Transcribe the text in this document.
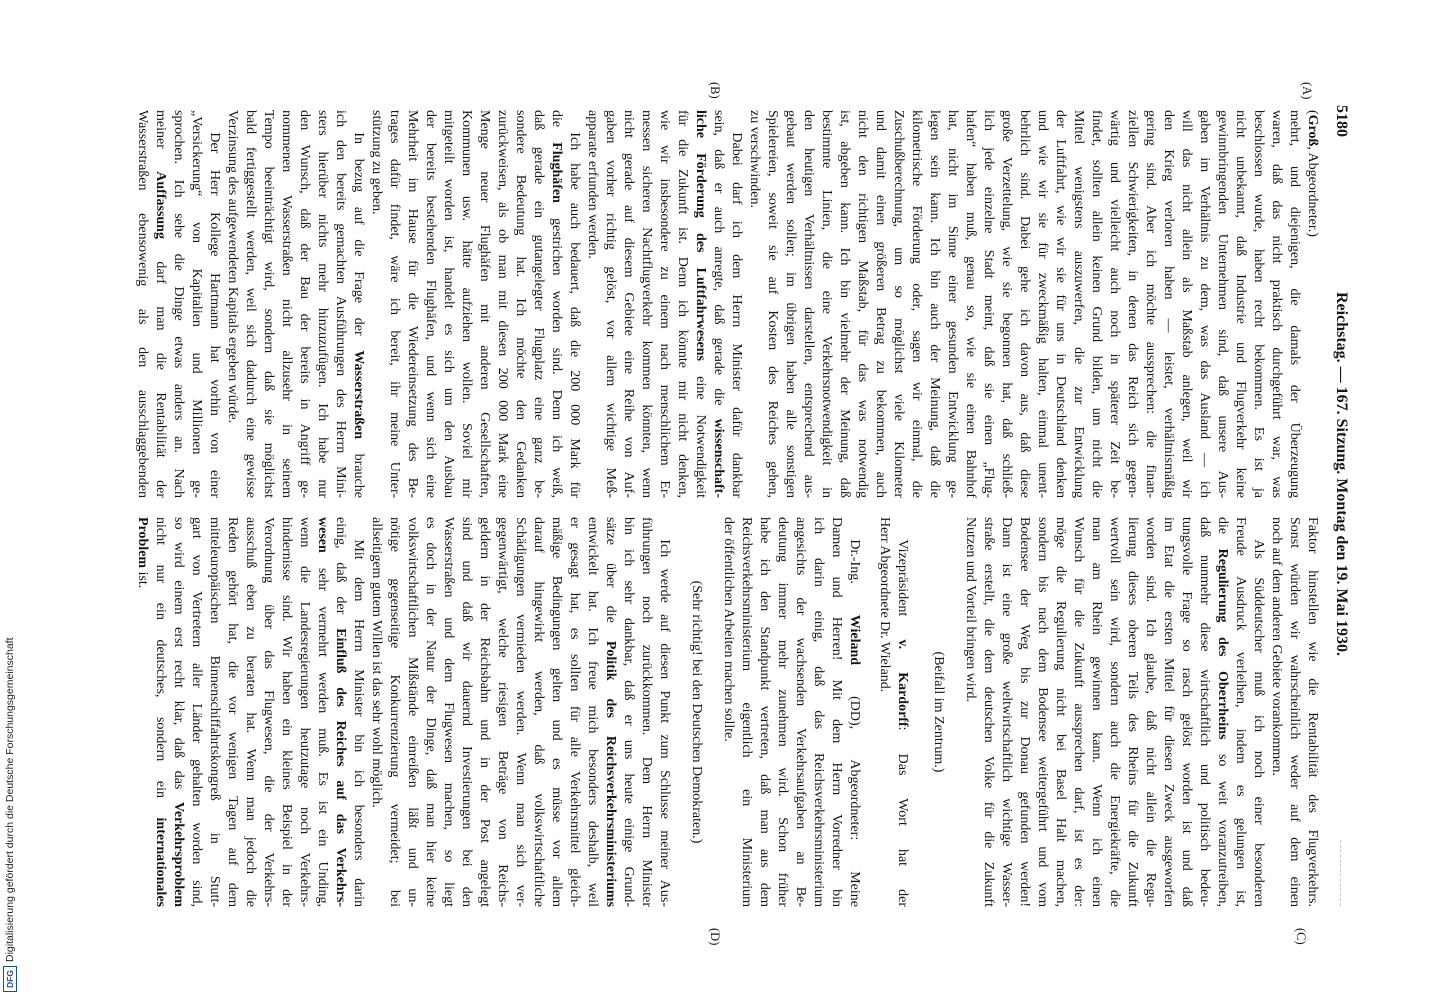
5180
Reichstag. — 167. Sitzung. Montag den 19. Mai 1930.
(A)
(B)
(C)
(D)
(Groß, Abgeordneter.)
mehrt, und diejenigen, die damals der Überzeugung
waren, daß das nicht praktisch durchgeführt war, was
beschlossen wurde, haben recht bekommen. Es ist ja
nicht unbekannt, daß Industrie und Flugverkehr keine
gewinnbringenden Unternehmen sind, daß unsere Aus-
gaben im Verhältnis zu dem, was das Ausland — ich
will das nicht allein als Maßstab anlegen, weil wir
den Krieg verloren haben — leistet, verhältnismäßig
gering sind. Aber ich möchte aussprechen: die finan-
ziellen Schwierigkeiten, in denen das Reich sich gegen-
wärtig und vielleicht auch noch in späterer Zeit be-
findet, sollten allein keinen Grund bilden, um nicht die
Mittel wenigstens auszuwerfen, die zur Entwicklung
der Luftfahrt, wie wir sie für uns in Deutschland denken
und wie wir sie für zweckmäßig halten, einmal unent-
behrlich sind. Dabei gehe ich davon aus, daß diese
große Verzettelung, wie sie begonnen hat, daß schließ-
lich jede einzelne Stadt meint, daß sie einen „Flug-
hafen“ haben muß, genau so, wie sie einen Bahnhof
hat, nicht im Sinne einer gesunden Entwicklung ge-
legen sein kann. Ich bin auch der Meinung, daß die
kilometrische Förderung oder, sagen wir einmal, die
Zuschußberechnung, um so möglichst viele Kilometer
und damit einen größeren Betrag zu bekommen, auch
nicht den richtigen Maßstab, für das was notwendig
ist, abgeben kann. Ich bin vielmehr der Meinung, daß
bestimmte Linien, die eine Verkehrsnotwendigkeit in
den heutigen Verhältnissen darstellen, entsprechend aus-
gebaut werden sollen; im übrigen haben alle sonstigen
Spielereien, soweit sie auf Kosten des Reiches gehen,
zu verschwinden.
Dabei darf ich dem Herrn Minister dafür dankbar
sein, daß er auch anregte, daß gerade die wissenschaft-
liche Förderung des Luftfahrwesens eine Notwendigkeit
für die Zukunft ist. Denn ich könnte mir nicht denken,
wie wir insbesondere zu einem nach menschlichem Er-
messen sicheren Nachtflugverkehr kommen könnten, wenn
nicht gerade auf diesem Gebiete eine Reihe von Auf-
gaben vorher richtig gelöst, vor allem wichtige Meß-
apparate erfunden werden.
Ich habe auch bedauert, daß die 200 000 Mark für
die Flughäfen gestrichen worden sind. Denn ich weiß,
daß gerade ein gutangelegter Flugplatz eine ganz be-
sondere Bedeutung hat. Ich möchte den Gedanken
zurückweisen, als ob man mit diesen 200 000 Mark eine
Menge neuer Flughäfen mit anderen Gesellschaften,
Kommunen usw. hätte aufziehen wollen. Soviel mir
mitgeteilt worden ist, handelt es sich um den Ausbau
der bereits bestehenden Flughäfen, und wenn sich eine
Mehrheit im Hause für die Wiedereinsetzung des Be-
trages dafür findet, wäre ich bereit, ihr meine Unter-
stützung zu geben.
In bezug auf die Frage der Wasserstraßen brauche
ich den bereits gemachten Ausführungen des Herrn Mini-
sters hierüber nichts mehr hinzuzufügen. Ich habe nur
den Wunsch, daß der Bau der bereits in Angriff ge-
nommenen Wasserstraßen nicht allzusehr in seinem
Tempo beeinträchtigt wird, sondern daß sie möglichst
bald fertiggestellt werden, weil sich dadurch eine gewisse
Verzinsung des aufgewendeten Kapitals ergeben würde.
Der Herr Kollege Hartmann hat vorhin von einer
„Versickerung“ von Kapitalien und Millionen ge-
sprochen. Ich sehe die Dinge etwas anders an. Nach
meiner Auffassung darf man die Rentabilität der
Wasserstraßen ebensowenig als den ausschlaggebenden
Faktor hinstellen wie die Rentabilität des Flugverkehrs.
Sonst würden wir wahrscheinlich weder auf dem einen
noch auf dem anderen Gebiete vorankommen.
Als Süddeutscher muß ich noch einer besonderen
Freude Ausdruck verleihen, indem es gelungen ist,
die Regulierung des Oberrheins so weit voranzutreiben,
daß nunmehr diese wirtschaftlich und politisch bedeu-
tungsvolle Frage so rasch gelöst worden ist und daß
im Etat die ersten Mittel für diesen Zweck ausgeworfen
worden sind. Ich glaube, daß nicht allein die Regu-
lierung dieses oberen Teils des Rheins für die Zukunft
wertvoll sein wird, sondern auch die Energiekräfte, die
man am Rhein gewinnen kann. Wenn ich einen
Wunsch für die Zukunft aussprechen darf, ist es der:
möge die Regulierung nicht bei Basel Halt machen,
sondern bis nach dem Bodensee weitergeführt und vom
Bodensee der Weg bis zur Donau gefunden werden!
Dann ist eine große weltwirtschaftlich wichtige Wasser-
straße erstellt, die dem deutschen Volke für die Zukunft
Nutzen und Vorteil bringen wird.
(Beifall im Zentrum.)
Vizepräsident v. Kardorff: Das Wort hat der
Herr Abgeordnete Dr. Wieland.
Dr.-Ing. Wieland (DD), Abgeordneter: Meine
Damen und Herren! Mit dem Herrn Vorredner bin
ich darin einig, daß das Reichsverkehrsministerium
angesichts der wachsenden Verkehrsaufgaben an Be-
deutung immer mehr zunehmen wird. Schon früher
habe ich den Standpunkt vertreten, daß man aus dem
Reichsverkehrsministerium eigentlich ein Ministerium
der öffentlichen Arbeiten machen sollte.
(Sehr richtig! bei den Deutschen Demokraten.)
Ich werde auf diesen Punkt zum Schlusse meiner Aus-
führungen noch zurückkommen. Dem Herrn Minister
bin ich sehr dankbar, daß er uns heute einige Grund-
sätze über die Politik des Reichsverkehrsministeriums
entwickelt hat. Ich freue mich besonders deshalb, weil
er gesagt hat, es sollten für alle Verkehrsmittel gleich-
mäßige Bedingungen gelten und es müsse vor allem
darauf hingewirkt werden, daß volkswirtschaftliche
Schädigungen vermieden werden. Wenn man sich ver-
gegenwärtigt, welche riesigen Beträge von Reichs-
geldern in der Reichsbahn und in der Post angelegt
sind und daß wir dauernd Investierungen bei den
Wasserstraßen und dem Flugwesen machen, so liegt
es doch in der Natur der Dinge, daß man hier keine
volkswirtschaftlichen Mißstände einreißen läßt und un-
nötige gegenseitige Konkurrenzierung vermeidet; bei
allseitigem gutem Willen ist das sehr wohl möglich.
Mit dem Herrn Minister bin ich besonders darin
einig, daß der Einfluß des Reiches auf das Verkehrs-
wesen sehr vermehrt werden muß. Es ist ein Unding,
wenn die Landesregierungen heutzutage noch Verkehrs-
hindernisse sind. Wir haben ein kleines Beispiel in der
Verordnung über das Flugwesen, die der Verkehrs-
ausschuß eben zu beraten hat. Wenn man jedoch die
Reden gehört hat, die vor wenigen Tagen auf dem
mitteleuropäischen Binnenschiffahrtskongreß in Stutt-
gart von Vertretern aller Länder gehalten worden sind,
so wird einem erst recht klar, daß das Verkehrsproblem
nicht nur ein deutsches, sondern ein internationales
Problem ist.
Digitalisierung gefördert durch die Deutsche Forschungsgemeinschaft
DFG
